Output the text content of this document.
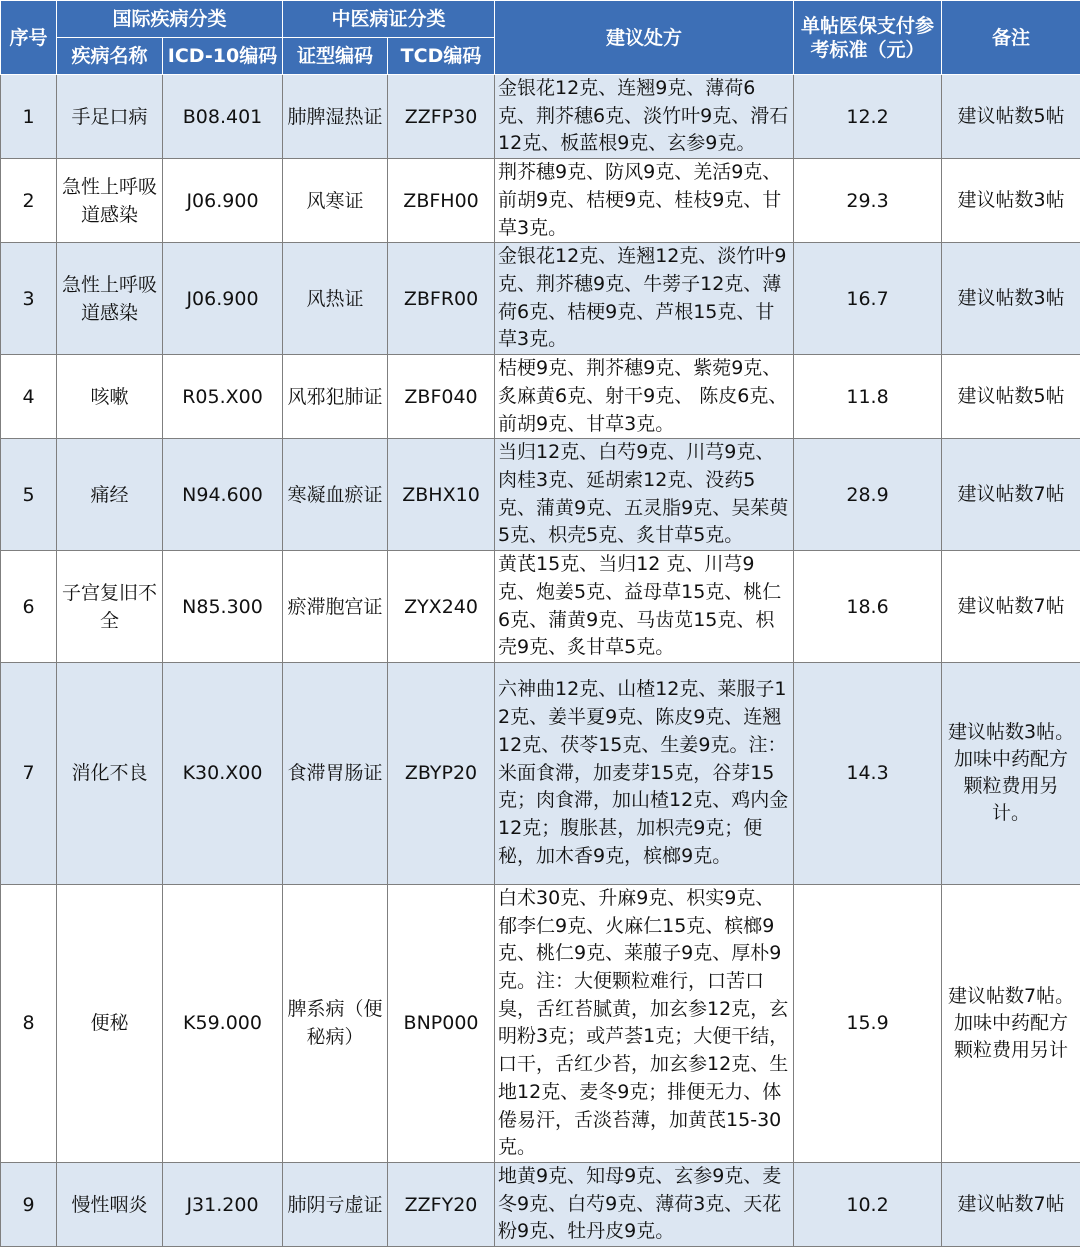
序号	国际疾病分类		中医病证分类		建议处方	单帖医保支付参考标准（元）	备注
	疾病名称	ICD-10编码	证型编码	TCD编码			
1	手足口病	B08.401	肺脾湿热证	ZZFP30	金银花12克、连翘9克、薄荷6克、荆芥穗6克、淡竹叶9克、滑石12克、板蓝根9克、玄参9克。	12.2	建议帖数5帖
2	急性上呼吸道感染	J06.900	风寒证	ZBFH00	荆芥穗9克、防风9克、羌活9克、前胡9克、桔梗9克、桂枝9克、甘草3克。	29.3	建议帖数3帖
3	急性上呼吸道感染	J06.900	风热证	ZBFR00	金银花12克、连翘12克、淡竹叶9克、荆芥穗9克、牛蒡子12克、薄荷6克、桔梗9克、芦根15克、甘草3克。	16.7	建议帖数3帖
4	咳嗽	R05.X00	风邪犯肺证	ZBF040	桔梗9克、荆芥穗9克、紫菀9克、炙麻黄6克、射干9克、 陈皮6克、前胡9克、甘草3克。	11.8	建议帖数5帖
5	痛经	N94.600	寒凝血瘀证	ZBHX10	当归12克、白芍9克、川芎9克、肉桂3克、延胡索12克、没药5克、蒲黄9克、五灵脂9克、吴茱萸5克、枳壳5克、炙甘草5克。	28.9	建议帖数7帖
6	子宫复旧不全	N85.300	瘀滞胞宫证	ZYX240	黄芪15克、当归12 克、川芎9克、炮姜5克、益母草15克、桃仁6克、蒲黄9克、马齿苋15克、枳壳9克、炙甘草5克。	18.6	建议帖数7帖
7	消化不良	K30.X00	食滞胃肠证	ZBYP20	六神曲12克、山楂12克、莱服子12克、姜半夏9克、陈皮9克、连翘12克、茯苓15克、生姜9克。注：米面食滞，加麦芽15克，谷芽15克；肉食滞，加山楂12克、鸡内金12克；腹胀甚，加枳壳9克；便秘，加木香9克，槟榔9克。	14.3	建议帖数3帖。加味中药配方颗粒费用另计。
8	便秘	K59.000	脾系病（便秘病）	BNP000	白术30克、升麻9克、枳实9克、郁李仁9克、火麻仁15克、槟榔9克、桃仁9克、莱菔子9克、厚朴9克。注：大便颗粒难行，口苦口臭，舌红苔腻黄，加玄参12克，玄明粉3克；或芦荟1克；大便干结，口干，舌红少苔，加玄参12克、生地12克、麦冬9克；排便无力、体倦易汗，舌淡苔薄，加黄芪15-30克。	15.9	建议帖数7帖。加味中药配方颗粒费用另计
9	慢性咽炎	J31.200	肺阴亏虚证	ZZFY20	地黄9克、知母9克、玄参9克、麦冬9克、白芍9克、薄荷3克、天花粉9克、牡丹皮9克。	10.2	建议帖数7帖
